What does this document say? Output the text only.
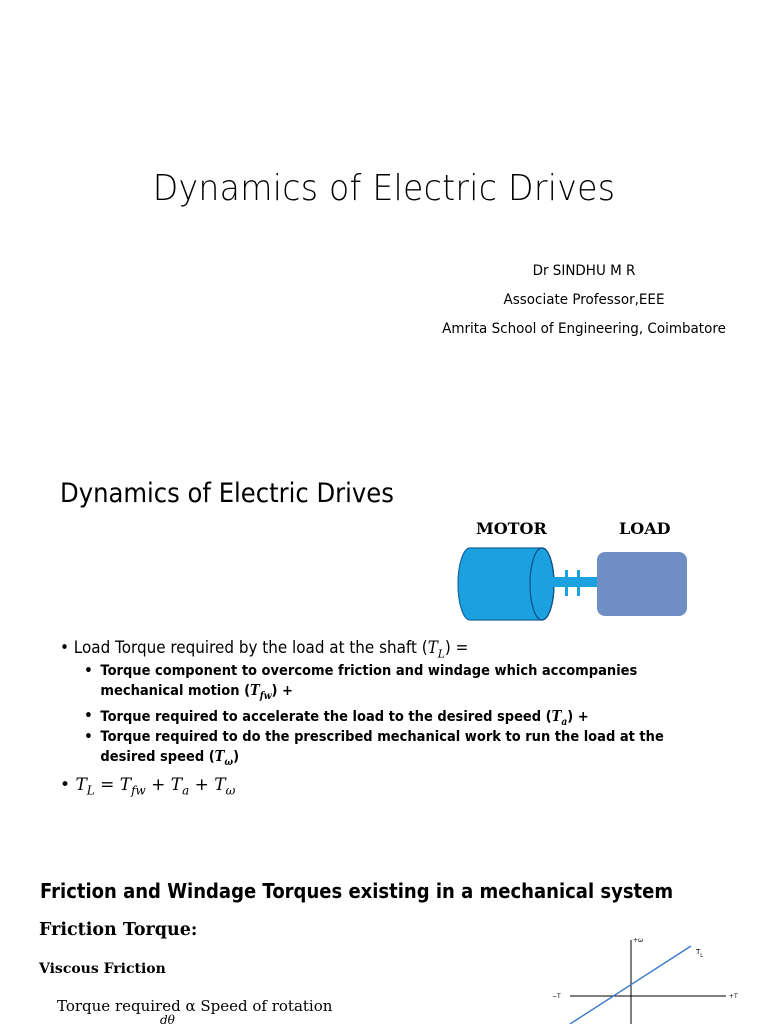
Dynamics of Electric Drives
Dr SINDHU M R
Associate Professor,EEE
Amrita School of Engineering, Coimbatore
Dynamics of Electric Drives
MOTOR	LOAD
• Load Torque required by the load at the shaft $(T_L)$ =
• Torque component to overcome friction and windage which accompanies mechanical motion $(T_{fw})$ +
• Torque required to accelerate the load to the desired speed $(T_a)$ +
• Torque required to do the prescribed mechanical work to run the load at the desired speed $(T_\omega)$
• $T_L = T_{fw} + T_a + T_\omega$
Friction and Windage Torques existing in a mechanical system
Friction Torque:
Viscous Friction
Torque required α Speed of rotation
dθ
+ω
−T	+T
$T_L$
